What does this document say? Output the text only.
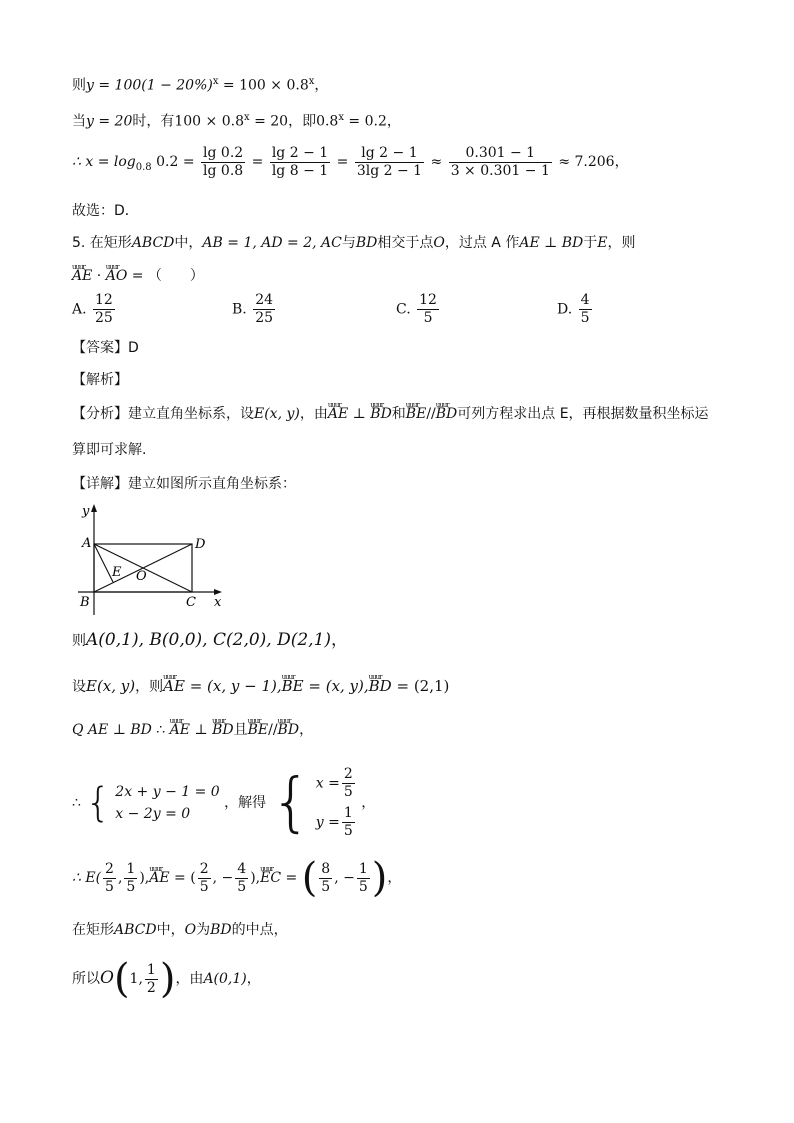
则$y = 100(1 - 20\%)^x = 100 \times 0.8^x$，
当y = 20时，有$100 \times 0.8^x = 20$，即$0.8^x = 0.2$，
∴ $x = \log_{0.8} 0.2 = \frac{\lg 0.2}{\lg 0.8} = \frac{\lg 2 - 1}{\lg 8 - 1} = \frac{\lg 2 - 1}{3\lg 2 - 1} \approx \frac{0.301 - 1}{3 \times 0.301 - 1} \approx 7.206$，
故选：D．
5. 在矩形ABCD中，AB = 1, AD = 2, AC与BD相交于点O，过点 A 作AE ⊥ BD于E，则
uuur AE · uuur AO = （　　）
A. $\frac{12}{25}$	B. $\frac{24}{25}$	C. $\frac{12}{5}$	D. $\frac{4}{5}$
【答案】D
【解析】
【分析】建立直角坐标系，设E(x, y)，由uuur AE ⊥ uuur BD和uuur BE//uuur BD可列方程求出点 E，再根据数量积坐标运
算即可求解.
【详解】建立如图所示直角坐标系：
y
x
A
B	C
D
E O
则A(0,1), B(0,0), C(2,0), D(2,1)，
设E(x, y)，则uuur AE = (x, y − 1),uuur BE = (x, y),uuur BD = (2,1)
Q AE ⊥ BD ∴ uuur AE ⊥ uuur BD且uuur BE//uuur BD，
∴ { 2x + y − 1 = 0
x − 2y = 0
，解得 { $x = \frac{2}{5}$
$y = \frac{1}{5}$
，
∴ $E( \frac{2}{5}$ , $\frac{1}{5}$ ),uuur AE = ( $\frac{2}{5}$ , − $\frac{4}{5}$ ),uuur EC = ( $\frac{8}{5}$ , − $\frac{1}{5}$ )，
在矩形ABCD中，O为BD的中点，
所以O(1, $\frac{1}{2}$ )，由A(0,1)，
